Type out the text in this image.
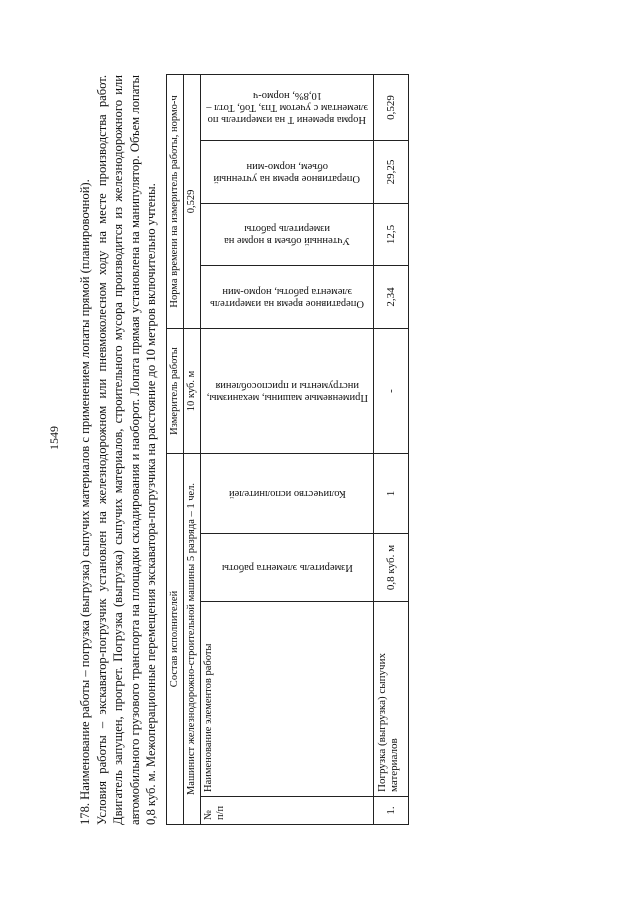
1549 178. Наименование работы – погрузка (выгрузка) сыпучих материалов с применением лопаты прямой (планировочной). Условия работы – экскаватор-погрузчик установлен на железнодорожном или пневмоколесном ходу на месте производства работ. Двигатель запущен, прогрет. Погрузка (выгрузка) сыпучих материалов, строительного мусора производится из железнодорожного или автомобильного грузового транспорта на площадки складирования и наоборот. Лопата прямая установлена на манипулятор. Объем лопаты 0,8 куб. м. Межоперационные перемещения экскаватора-погрузчика на расстояние до 10 метров включительно учтены. Состав исполнителей				Измеритель работы	Норма времени на измеритель работы, нормо-ч			
Машинист железнодорожно-строительной машины 5 разряда – 1 чел.				10 куб. м	0,529			
№ п/п	Наименование элементов работы	Измеритель элемента работы	Количество исполнителей	Применяемые машины, механизмы, инструменты и приспособления	Оперативное время на измеритель элемента работы, нормо-мин	Учтенный объем в норме на измеритель работы	Оперативное время на учтенный объем, нормо-мин	Норма времени Т на измеритель по элементам с учетом Тпз, Тоб, Тотл – 10,8%, нормо-ч

1.	Погрузка (выгрузка) сыпучих материалов	0,8 куб. м	1	-	2,34	12,5	29,25	0,529
